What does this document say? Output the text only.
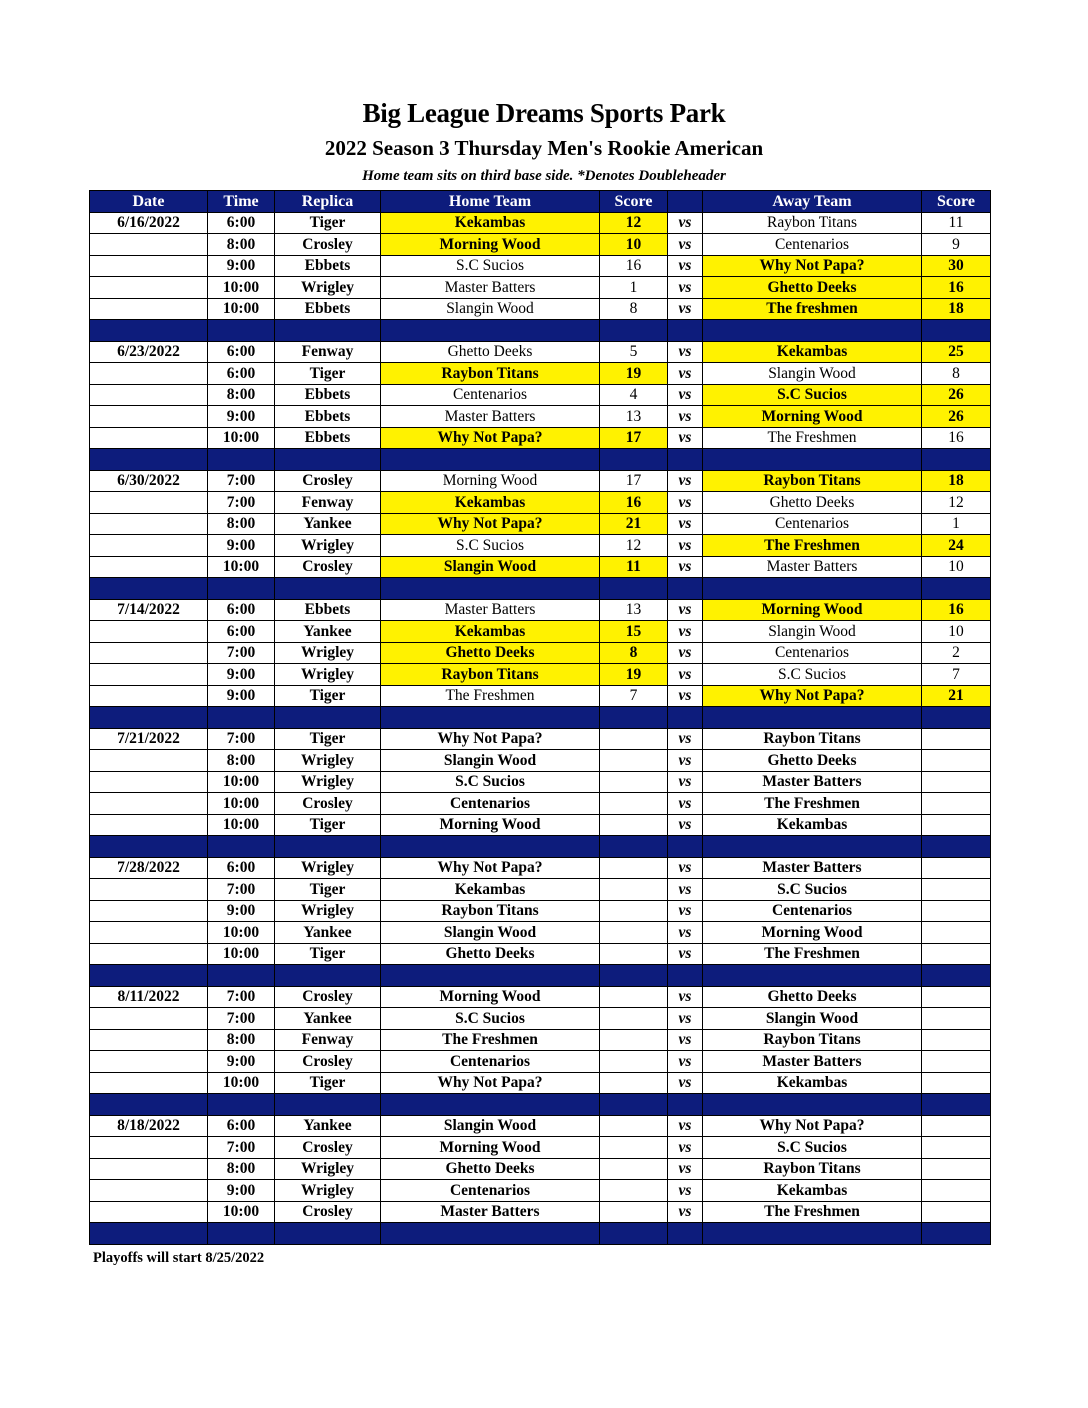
Big League Dreams Sports Park
2022 Season 3 Thursday Men's Rookie American
Home team sits on third base side. *Denotes Doubleheader
Date	Time	Replica	Home Team	Score		Away Team	Score
6/16/2022	6:00	Tiger	Kekambas	12	vs	Raybon Titans	11
	8:00	Crosley	Morning Wood	10	vs	Centenarios	9
	9:00	Ebbets	S.C Sucios	16	vs	Why Not Papa?	30
	10:00	Wrigley	Master Batters	1	vs	Ghetto Deeks	16
	10:00	Ebbets	Slangin Wood	8	vs	The freshmen	18

6/23/2022	6:00	Fenway	Ghetto Deeks	5	vs	Kekambas	25
	6:00	Tiger	Raybon Titans	19	vs	Slangin Wood	8
	8:00	Ebbets	Centenarios	4	vs	S.C Sucios	26
	9:00	Ebbets	Master Batters	13	vs	Morning Wood	26
	10:00	Ebbets	Why Not Papa?	17	vs	The Freshmen	16

6/30/2022	7:00	Crosley	Morning Wood	17	vs	Raybon Titans	18
	7:00	Fenway	Kekambas	16	vs	Ghetto Deeks	12
	8:00	Yankee	Why Not Papa?	21	vs	Centenarios	1
	9:00	Wrigley	S.C Sucios	12	vs	The Freshmen	24
	10:00	Crosley	Slangin Wood	11	vs	Master Batters	10

7/14/2022	6:00	Ebbets	Master Batters	13	vs	Morning Wood	16
	6:00	Yankee	Kekambas	15	vs	Slangin Wood	10
	7:00	Wrigley	Ghetto Deeks	8	vs	Centenarios	2
	9:00	Wrigley	Raybon Titans	19	vs	S.C Sucios	7
	9:00	Tiger	The Freshmen	7	vs	Why Not Papa?	21

7/21/2022	7:00	Tiger	Why Not Papa?		vs	Raybon Titans	
	8:00	Wrigley	Slangin Wood		vs	Ghetto Deeks	
	10:00	Wrigley	S.C Sucios		vs	Master Batters	
	10:00	Crosley	Centenarios		vs	The Freshmen	
	10:00	Tiger	Morning Wood		vs	Kekambas	

7/28/2022	6:00	Wrigley	Why Not Papa?		vs	Master Batters	
	7:00	Tiger	Kekambas		vs	S.C Sucios	
	9:00	Wrigley	Raybon Titans		vs	Centenarios	
	10:00	Yankee	Slangin Wood		vs	Morning Wood	
	10:00	Tiger	Ghetto Deeks		vs	The Freshmen	

8/11/2022	7:00	Crosley	Morning Wood		vs	Ghetto Deeks	
	7:00	Yankee	S.C Sucios		vs	Slangin Wood	
	8:00	Fenway	The Freshmen		vs	Raybon Titans	
	9:00	Crosley	Centenarios		vs	Master Batters	
	10:00	Tiger	Why Not Papa?		vs	Kekambas	

8/18/2022	6:00	Yankee	Slangin Wood		vs	Why Not Papa?	
	7:00	Crosley	Morning Wood		vs	S.C Sucios	
	8:00	Wrigley	Ghetto Deeks		vs	Raybon Titans	
	9:00	Wrigley	Centenarios		vs	Kekambas	
	10:00	Crosley	Master Batters		vs	The Freshmen	

Playoffs will start 8/25/2022
